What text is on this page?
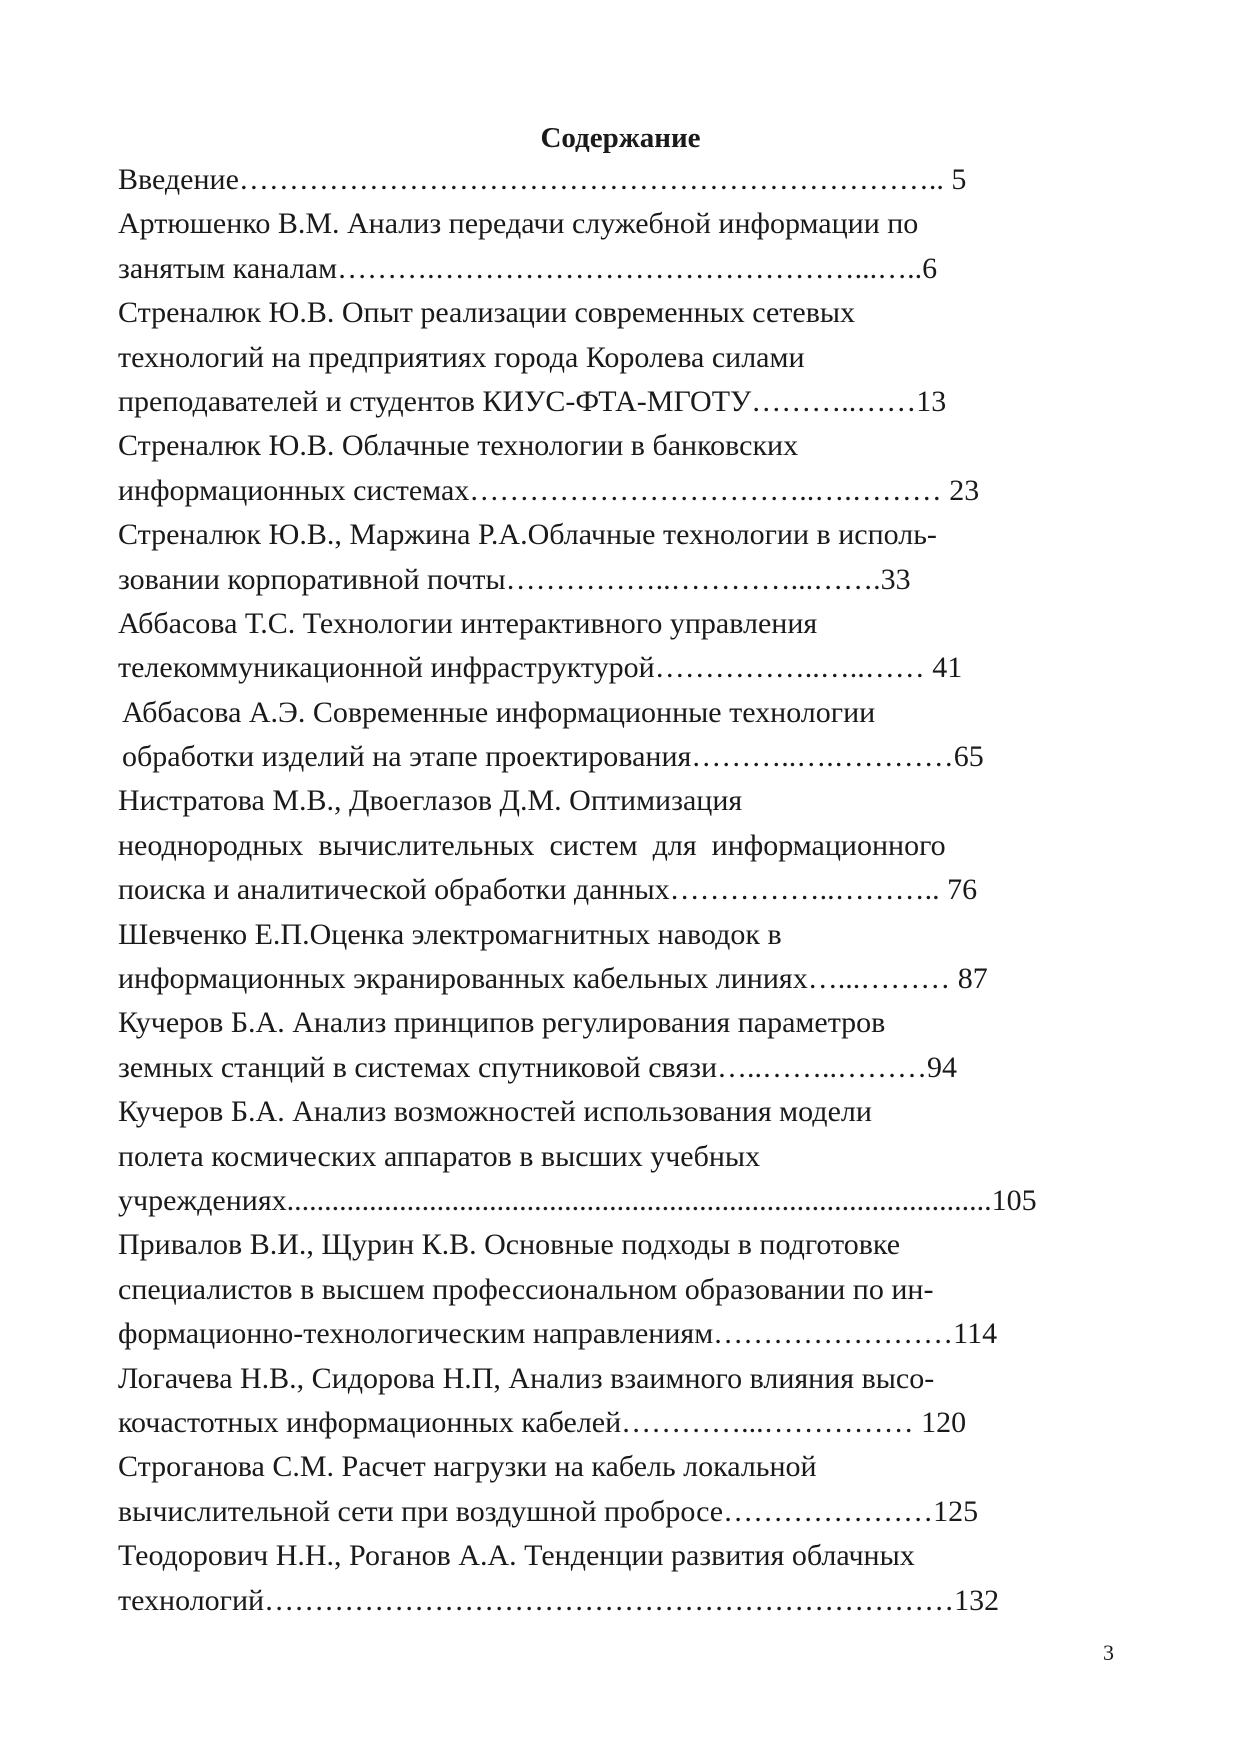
Содержание
Введение…………………………………………………………….. 5
Артюшенко В.М. Анализ передачи служебной информации по
занятым каналам……….……………………………………...…..6
Стреналюк Ю.В. Опыт реализации современных сетевых
технологий на предприятиях города Королева силами
преподавателей и студентов КИУС-ФТА-МГОТУ………..……13
Стреналюк Ю.В. Облачные технологии в банковских
информационных системах……………………………..….……… 23
Стреналюк Ю.В., Маржина Р.А.Облачные технологии в исполь-
зовании корпоративной почты……………..…………...…….33
Аббасова Т.С. Технологии интерактивного управления
телекоммуникационной инфраструктурой……………..…..…… 41
Аббасова А.Э. Современные информационные технологии
обработки изделий на этапе проектирования………..….…………65
Нистратова М.В., Двоеглазов Д.М. Оптимизация
неоднородных  вычислительных  систем  для  информационного
поиска и аналитической обработки данных……………..……….. 76
Шевченко Е.П.Оценка электромагнитных наводок в
информационных экранированных кабельных линиях…...……… 87
Кучеров Б.А. Анализ принципов регулирования параметров
земных станций в системах спутниковой связи…..……..………94
Кучеров Б.А. Анализ возможностей использования модели
полета космических аппаратов в высших учебных
учреждениях..............................................................................................105
Привалов В.И., Щурин К.В. Основные подходы в подготовке
специалистов в высшем профессиональном образовании по ин-
формационно-технологическим направлениям……………………114
Логачева Н.В., Сидорова Н.П, Анализ взаимного влияния высо-
кочастотных информационных кабелей…………...…………… 120
Строганова С.М. Расчет нагрузки на кабель локальной
вычислительной сети при воздушной пробросе…………………125
Теодорович Н.Н., Роганов А.А. Тенденции развития облачных
технологий……………………………………………………………132
3
